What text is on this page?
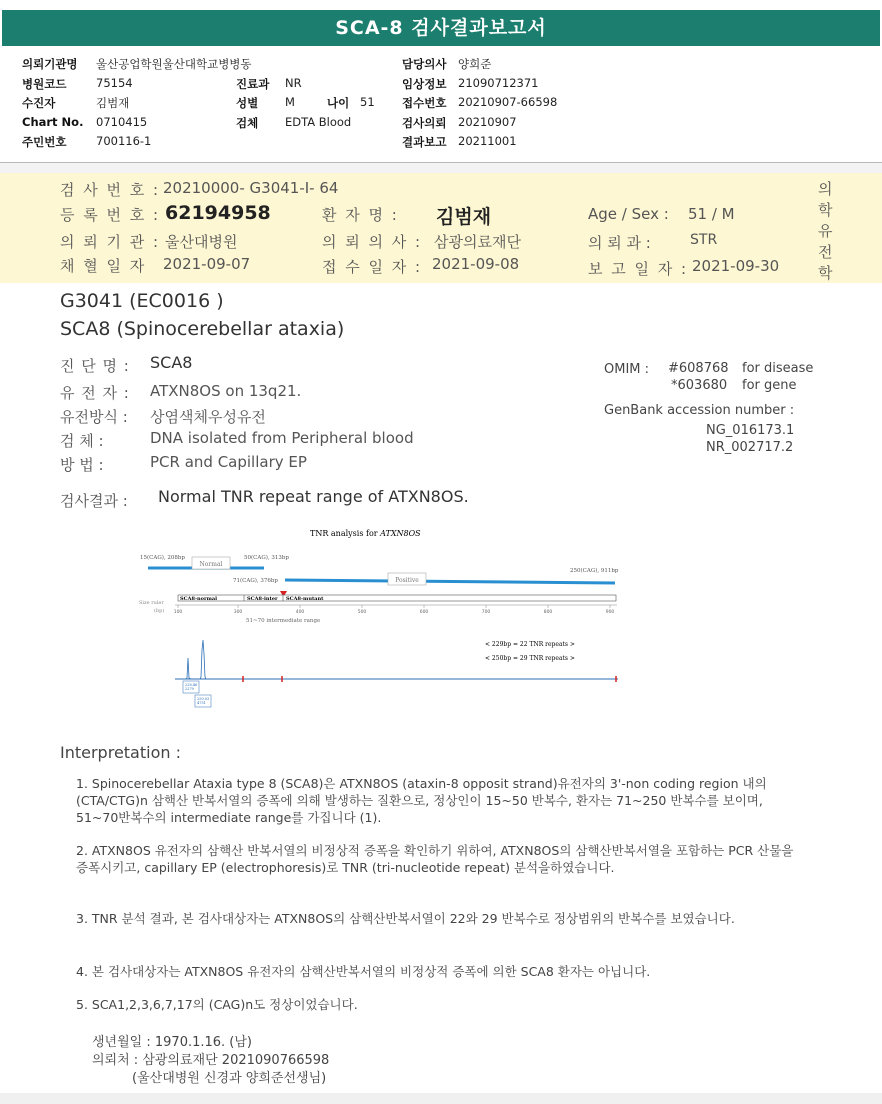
SCA-8 검사결과보고서
의뢰기관명 울산공업학원울산대학교병병동
병원코드	75154	진료과 NR
수진자	김범재	성별 M	나이 51
Chart No. 0710415	검체 EDTA Blood
주민번호	700116-1
담당의사 양희준
임상정보 21090712371
접수번호 20210907-66598
검사의뢰 20210907
결과보고 20211001
검 사 번 호 : 20210000- G3041-I- 64
등 록 번 호 : 62194958	환 자 명 : 김범재	Age / Sex : 51 / M
의 뢰 기 관 : 울산대병원	의 뢰 의 사 : 삼광의료재단	의 뢰 과 :	STR
채 혈 일 자 2021-09-07	접 수 일 자 : 2021-09-08	보 고 일 자 : 2021-09-30
의
학
유
전
학
G3041 (EC0016 )
SCA8 (Spinocerebellar ataxia)
진 단 명 : SCA8
유 전 자 : ATXN8OS on 13q21.
유전방식 : 상염색체우성유전
검 체 :	DNA isolated from Peripheral blood
방 법 :	PCR and Capillary EP
OMIM : #608768 for disease
*603680 for gene
GenBank accession number :
NG_016173.1
NR_002717.2
검사결과 : Normal TNR repeat range of ATXN8OS.
TNR analysis for ATXN8OS
15(CAG), 208bp	50(CAG), 313bp
Normal
71(CAG), 376bp
250(CAG), 911bp
Positive
SCA8-normal	SCA8-inter SCA8-mutant
Size ruler
(bp) 100	300	400	500	600	700	800	900
51~70 intermediate range
< 229bp = 22 TNR repeats >
< 250bp = 29 TNR repeats >
228.46 2279
250.03 4751
Interpretation :
1. Spinocerebellar Ataxia type 8 (SCA8)은 ATXN8OS (ataxin-8 opposit strand)유전자의 3'-non coding region 내의 (CTA/CTG)n 삼핵산 반복서열의 증폭에 의해 발생하는 질환으로, 정상인이 15~50 반복수, 환자는 71~250 반복수를 보이며, 51~70반복수의 intermediate range를 가집니다 (1).
2. ATXN8OS 유전자의 삼핵산 반복서열의 비정상적 증폭을 확인하기 위하여, ATXN8OS의 삼핵산반복서열을 포함하는 PCR 산물을 증폭시키고, capillary EP (electrophoresis)로 TNR (tri-nucleotide repeat) 분석을하였습니다.
3. TNR 분석 결과, 본 검사대상자는 ATXN8OS의 삼핵산반복서열이 22와 29 반복수로 정상범위의 반복수를 보였습니다.
4. 본 검사대상자는 ATXN8OS 유전자의 삼핵산반복서열의 비정상적 증폭에 의한 SCA8 환자는 아닙니다.
5. SCA1,2,3,6,7,17의 (CAG)n도 정상이었습니다.
생년월일 : 1970.1.16. (남)
의뢰처 : 삼광의료재단 2021090766598
(울산대병원 신경과 양희준선생님)
